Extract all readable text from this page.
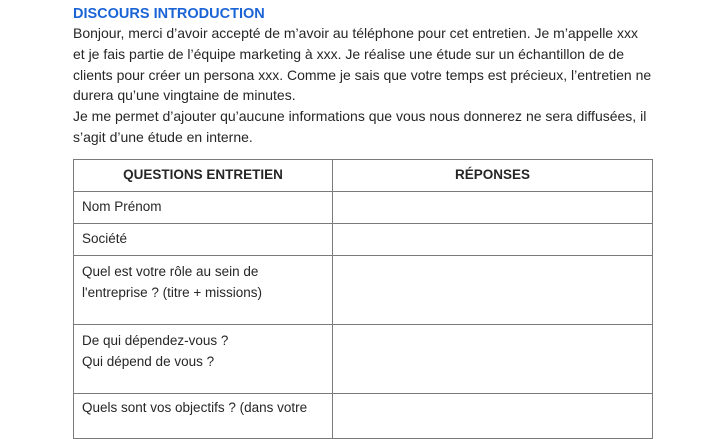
DISCOURS INTRODUCTION

Bonjour, merci d’avoir accepté de m’avoir au téléphone pour cet entretien. Je m’appelle xxx

et je fais partie de l’équipe marketing à xxx. Je réalise une étude sur un échantillon de de

clients pour créer un persona xxx. Comme je sais que votre temps est précieux, l’entretien ne

durera qu’une vingtaine de minutes.

Je me permet d’ajouter qu’aucune informations que vous nous donnerez ne sera diffusées, il

s’agit d’une étude en interne.

QUESTIONS ENTRETIEN	RÉPONSES

Nom Prénom	

Société	

Quel est votre rôle au sein de
l'entreprise ? (titre + missions)	

De qui dépendez-vous ?
Qui dépend de vous ?	

Quels sont vos objectifs ? (dans votre	
